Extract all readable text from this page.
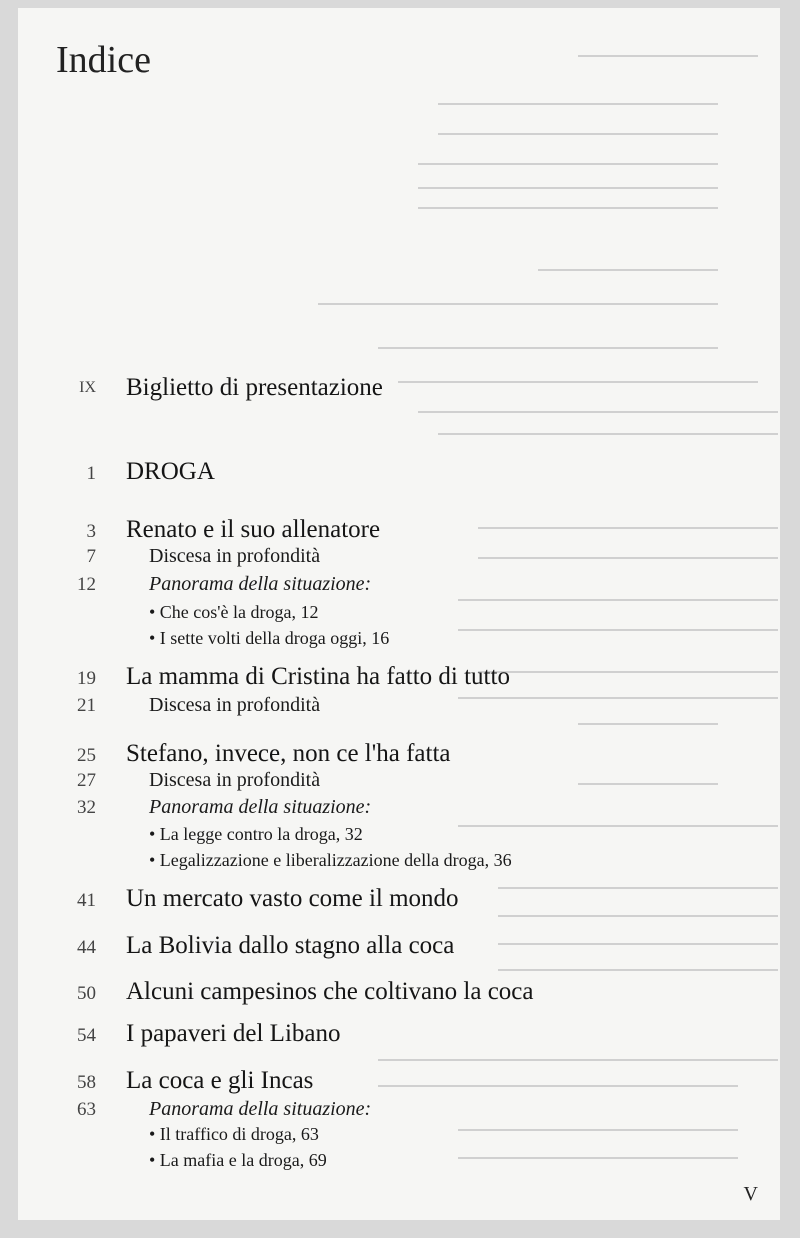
Indice
IX Biglietto di presentazione
1 DROGA
3 Renato e il suo allenatore
7	Discesa in profondità
12	Panorama della situazione:
• Che cos'è la droga, 12
• I sette volti della droga oggi, 16
19 La mamma di Cristina ha fatto di tutto
21	Discesa in profondità
25 Stefano, invece, non ce l'ha fatta
27	Discesa in profondità
32	Panorama della situazione:
• La legge contro la droga, 32
• Legalizzazione e liberalizzazione della droga, 36
41 Un mercato vasto come il mondo
44 La Bolivia dallo stagno alla coca
50 Alcuni campesinos che coltivano la coca
54 I papaveri del Libano
58 La coca e gli Incas
63	Panorama della situazione:
• Il traffico di droga, 63
• La mafia e la droga, 69
V
